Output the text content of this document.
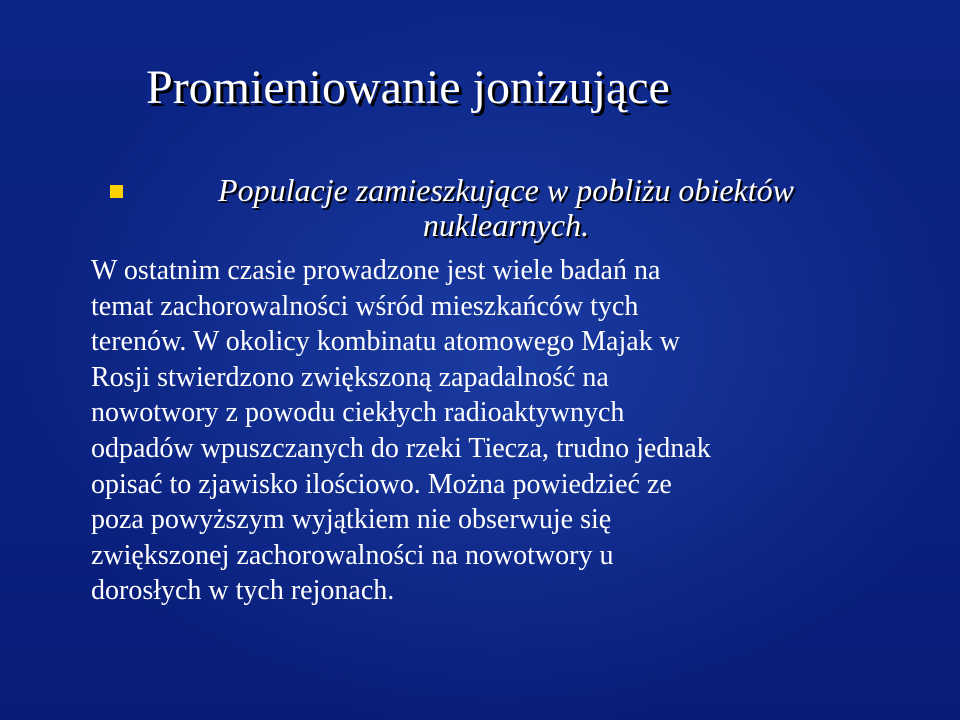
Promieniowanie jonizujące

Populacje zamieszkujące w pobliżu obiektów
nuklearnych.

W ostatnim czasie prowadzone jest wiele badań na
temat zachorowalności wśród mieszkańców tych
terenów. W okolicy kombinatu atomowego Majak w
Rosji stwierdzono zwiększoną zapadalność na
nowotwory z powodu ciekłych radioaktywnych
odpadów wpuszczanych do rzeki Tiecza, trudno jednak
opisać to zjawisko ilościowo. Można powiedzieć ze
poza powyższym wyjątkiem nie obserwuje się
zwiększonej zachorowalności na nowotwory u
dorosłych w tych rejonach.
